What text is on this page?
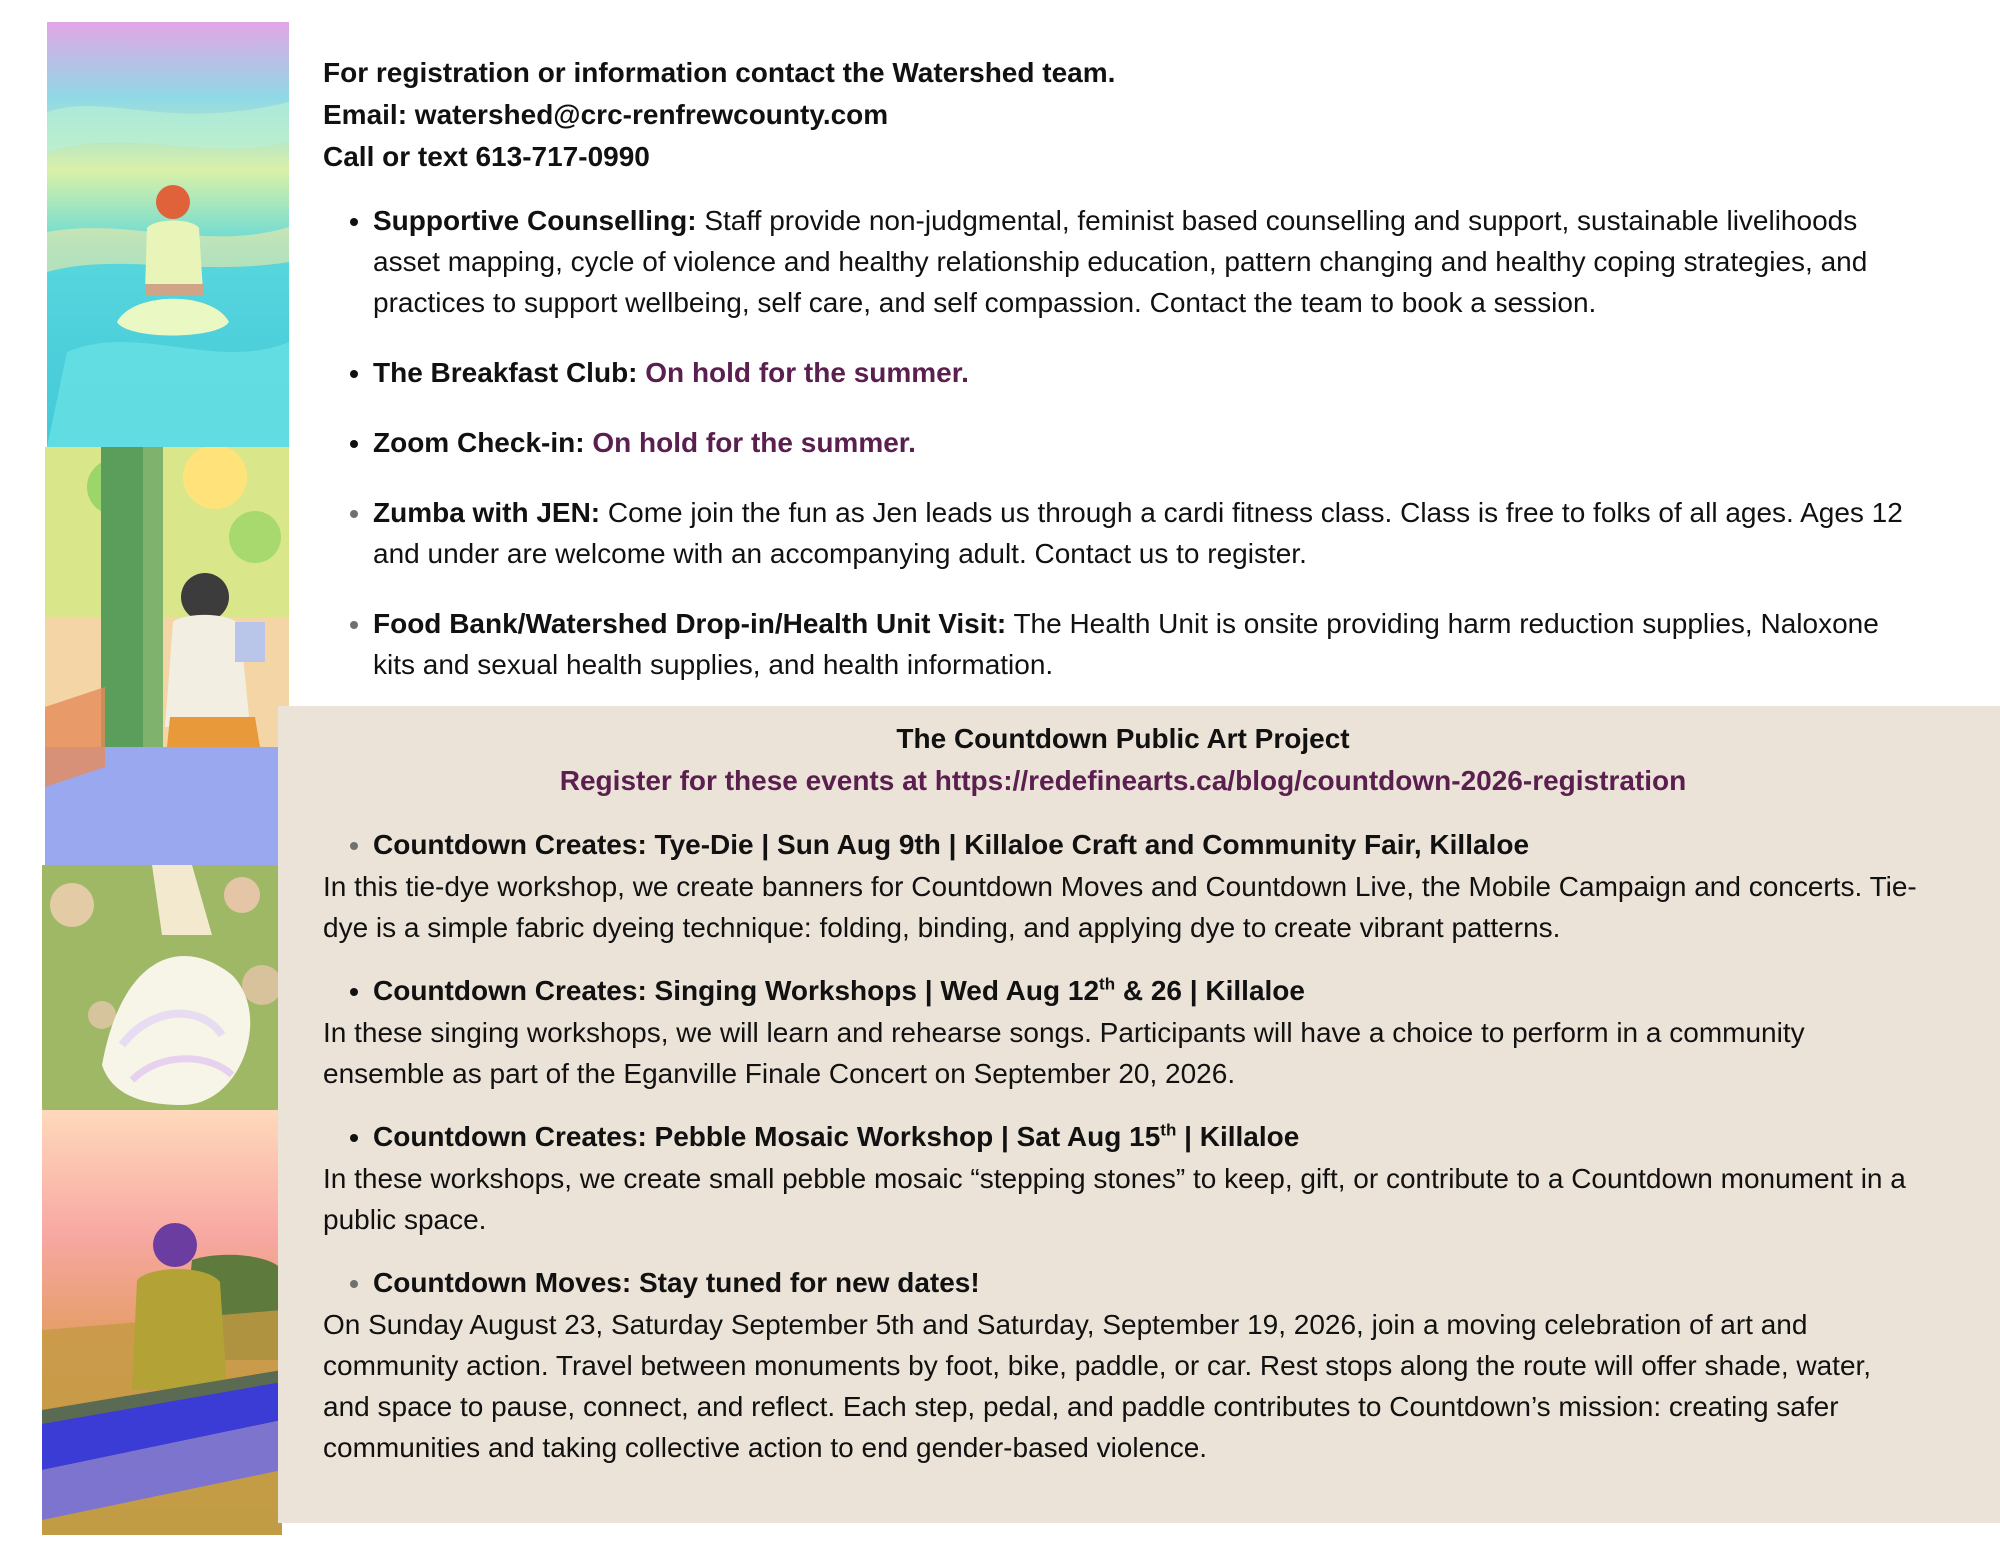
For registration or information contact the Watershed team.

Email: watershed@crc-renfrewcounty.com

Call or text 613-717-0990

• Supportive Counselling: Staff provide non-judgmental, feminist based counselling and support, sustainable livelihoods asset mapping, cycle of violence and healthy relationship education, pattern changing and healthy coping strategies, and practices to support wellbeing, self care, and self compassion. Contact the team to book a session.
• The Breakfast Club: On hold for the summer.
• Zoom Check-in: On hold for the summer.
• Zumba with JEN: Come join the fun as Jen leads us through a cardi fitness class. Class is free to folks of all ages. Ages 12 and under are welcome with an accompanying adult. Contact us to register.
• Food Bank/Watershed Drop-in/Health Unit Visit: The Health Unit is onsite providing harm reduction supplies, Naloxone kits and sexual health supplies, and health information.

The Countdown Public Art Project

Register for these events at https://redefinearts.ca/blog/countdown-2026-registration

• Countdown Creates: Tye-Die | Sun Aug 9th | Killaloe Craft and Community Fair, Killaloe

In this tie-dye workshop, we create banners for Countdown Moves and Countdown Live, the Mobile Campaign and concerts. Tie-dye is a simple fabric dyeing technique: folding, binding, and applying dye to create vibrant patterns.

• Countdown Creates: Singing Workshops | Wed Aug 12th & 26 | Killaloe

In these singing workshops, we will learn and rehearse songs. Participants will have a choice to perform in a community ensemble as part of the Eganville Finale Concert on September 20, 2026.

• Countdown Creates: Pebble Mosaic Workshop | Sat Aug 15th | Killaloe

In these workshops, we create small pebble mosaic “stepping stones” to keep, gift, or contribute to a Countdown monument in a public space.

• Countdown Moves: Stay tuned for new dates!

On Sunday August 23, Saturday September 5th and Saturday, September 19, 2026, join a moving celebration of art and community action. Travel between monuments by foot, bike, paddle, or car. Rest stops along the route will offer shade, water, and space to pause, connect, and reflect. Each step, pedal, and paddle contributes to Countdown’s mission: creating safer communities and taking collective action to end gender-based violence.
